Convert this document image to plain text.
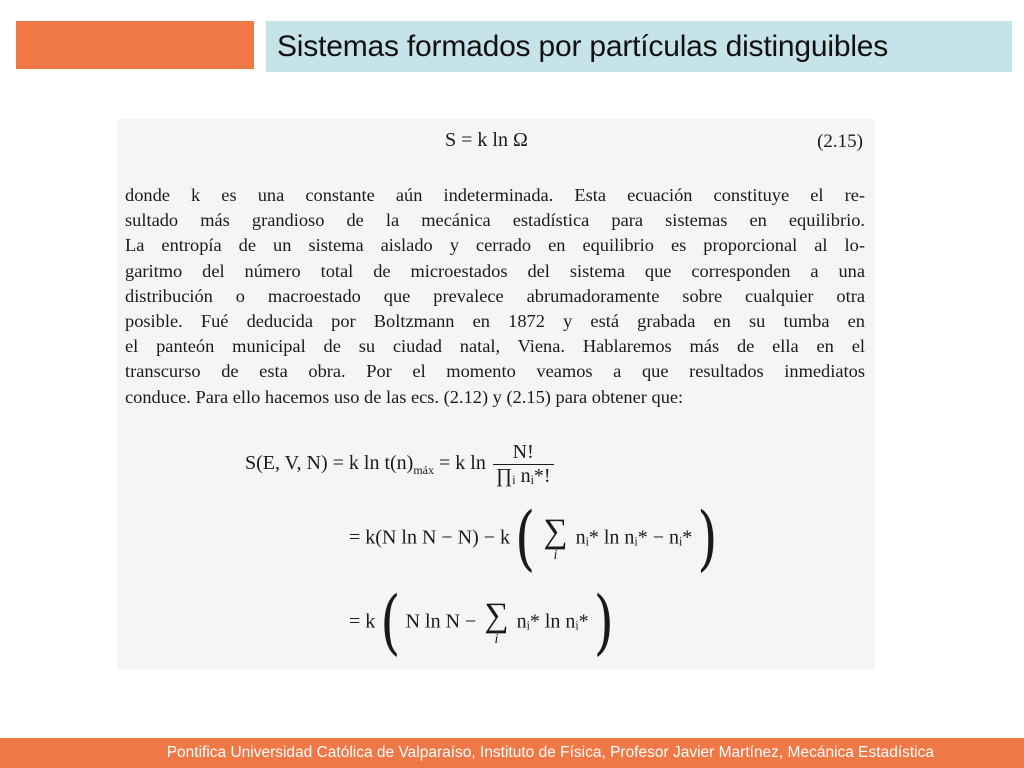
Sistemas formados por partículas distinguibles
S = k ln Ω	(2.15)
donde k es una constante aún indeterminada. Esta ecuación constituye el re-
sultado más grandioso de la mecánica estadística para sistemas en equilibrio.
La entropía de un sistema aislado y cerrado en equilibrio es proporcional al lo-
garitmo del número total de microestados del sistema que corresponden a una
distribución o macroestado que prevalece abrumadoramente sobre cualquier otra
posible. Fué deducida por Boltzmann en 1872 y está grabada en su tumba en
el panteón municipal de su ciudad natal, Viena. Hablaremos más de ella en el
transcurso de esta obra. Por el momento veamos a que resultados inmediatos
conduce. Para ello hacemos uso de las ecs. (2.12) y (2.15) para obtener que:
S(E, V, N) = k $\ln t(n)_{máx} = k$ $\ln \frac{N!}{\text{∏ᵢ nᵢ*!}}$
= k(N ln N − N) − k ( ∑
i
nᵢ* ln nᵢ* − nᵢ* )
= k ( N ln N − ∑
i
nᵢ* ln nᵢ* )
Pontifica Universidad Católica de Valparaíso, Instituto de Física, Profesor Javier Martínez, Mecánica Estadística
